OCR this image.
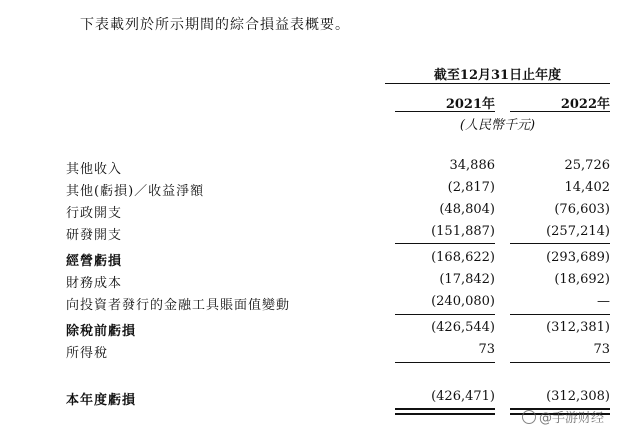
下表載列於所示期間的綜合損益表概要。
截至12月31日止年度
2021年	2022年
(人民幣千元)
其他收入	34,886	25,726
其他(虧損)／收益淨額	(2,817)	14,402
行政開支	(48,804)	(76,603)
研發開支	(151,887)	(257,214)
經營虧損	(168,622)	(293,689)
財務成本	(17,842)	(18,692)
向投資者發行的金融工具賬面值變動	(240,080)	—
除稅前虧損	(426,544)	(312,381)
所得稅	73	73
本年度虧損	(426,471)	(312,308)
@手游财经
